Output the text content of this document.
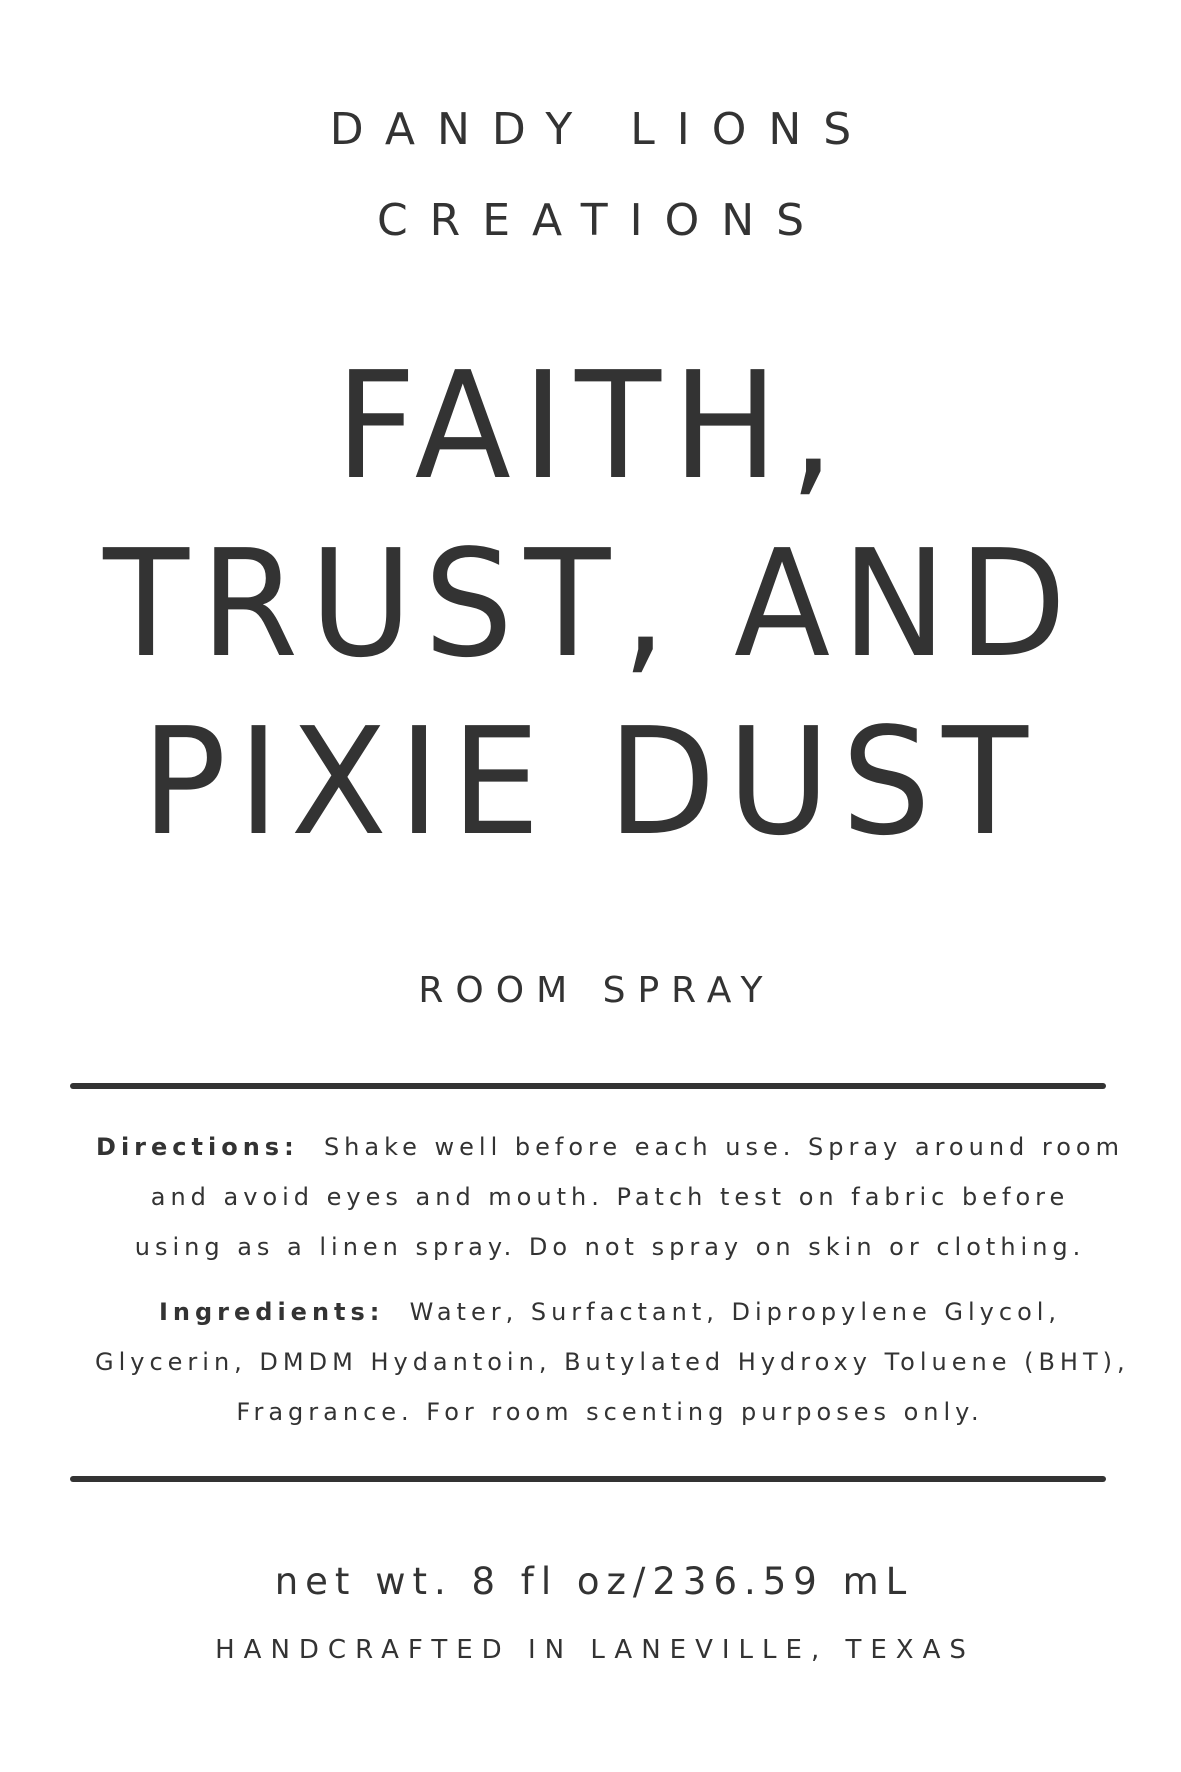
DANDY LIONS
CREATIONS
FAITH,
TRUST, AND
PIXIE DUST
ROOM SPRAY
Directions: Shake well before each use. Spray around room
and avoid eyes and mouth. Patch test on fabric before
using as a linen spray. Do not spray on skin or clothing.
Ingredients: Water, Surfactant, Dipropylene Glycol,
Glycerin, DMDM Hydantoin, Butylated Hydroxy Toluene (BHT),
Fragrance. For room scenting purposes only.
net wt. 8 fl oz/236.59 mL
HANDCRAFTED IN LANEVILLE, TEXAS
